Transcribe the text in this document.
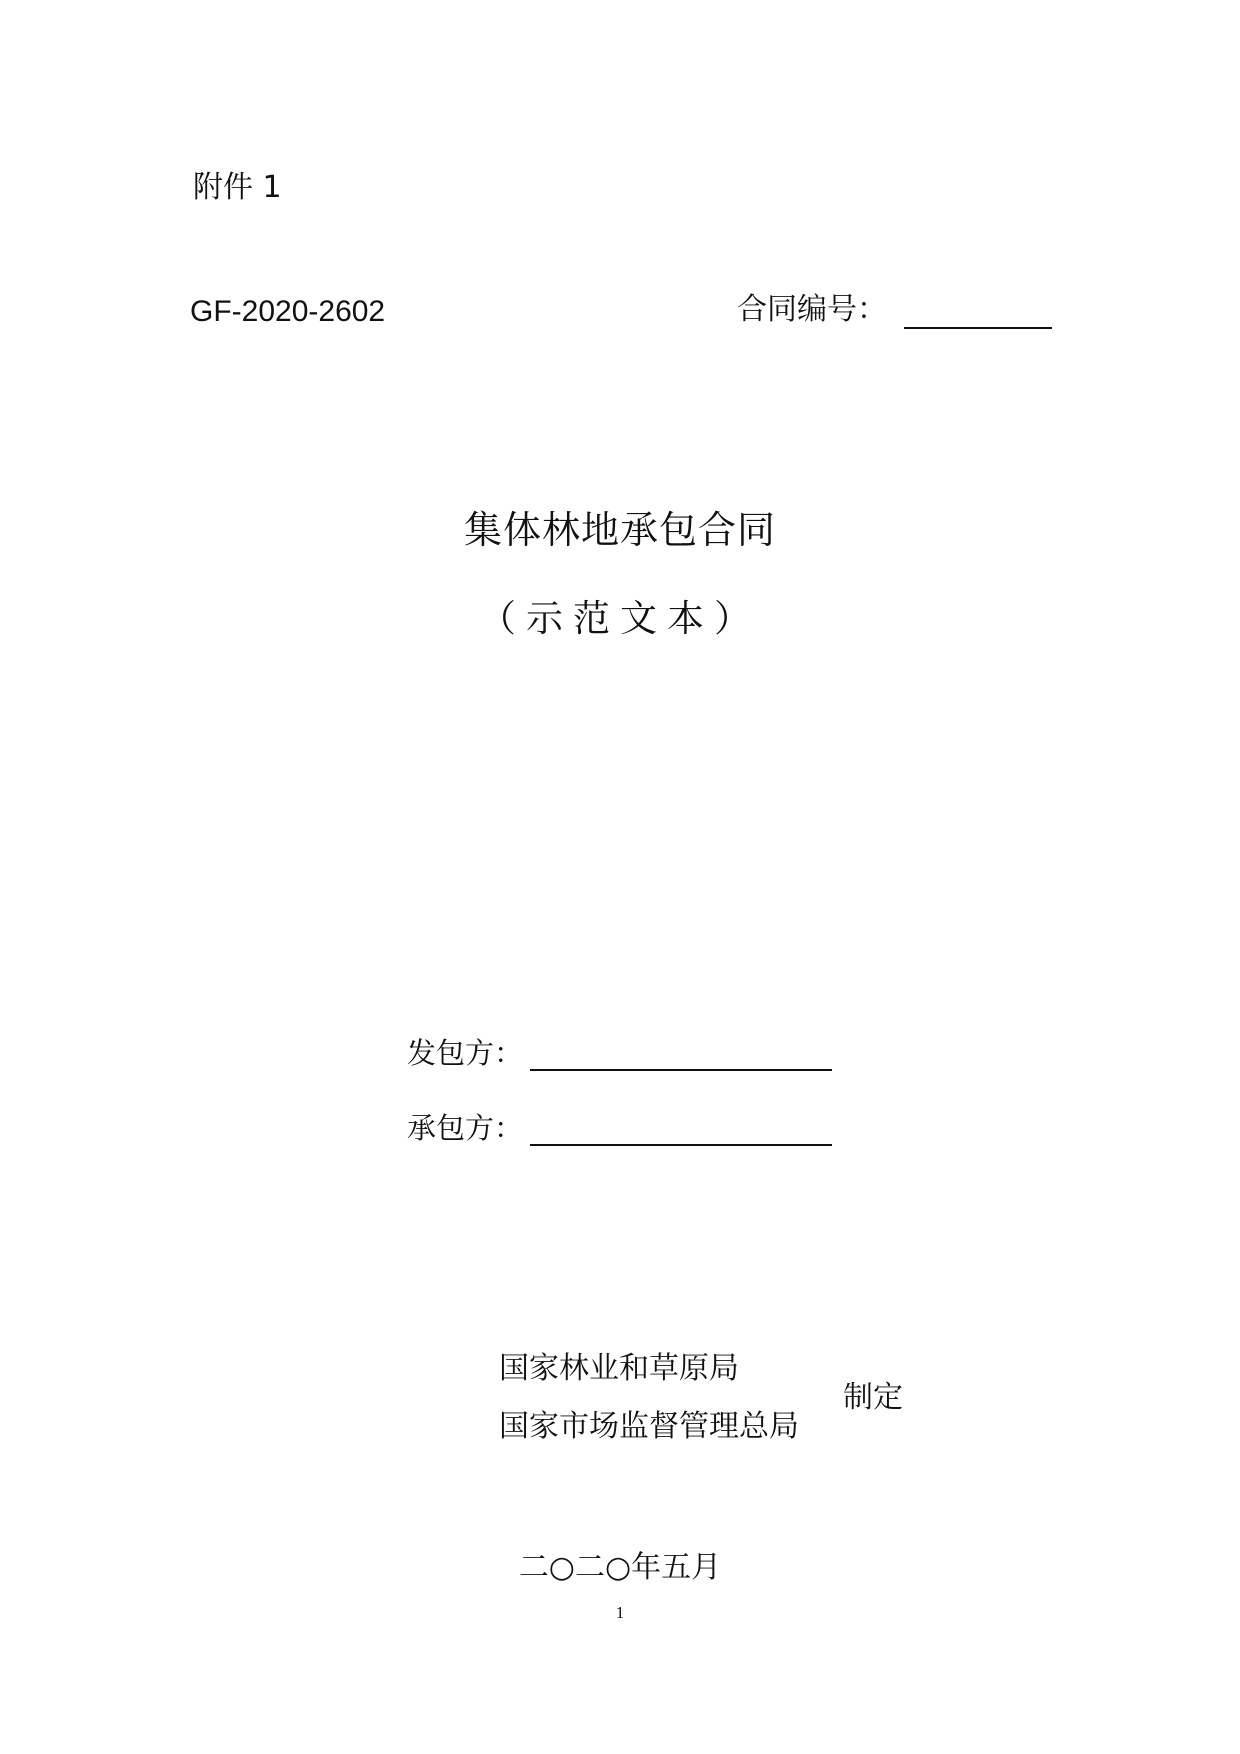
附件 1
GF-2020-2602	合同编号：
集体林地承包合同
（示范文本）
发包方：
承包方：
国家林业和草原局
国家市场监督管理总局
制定
二○二○年五月
1
